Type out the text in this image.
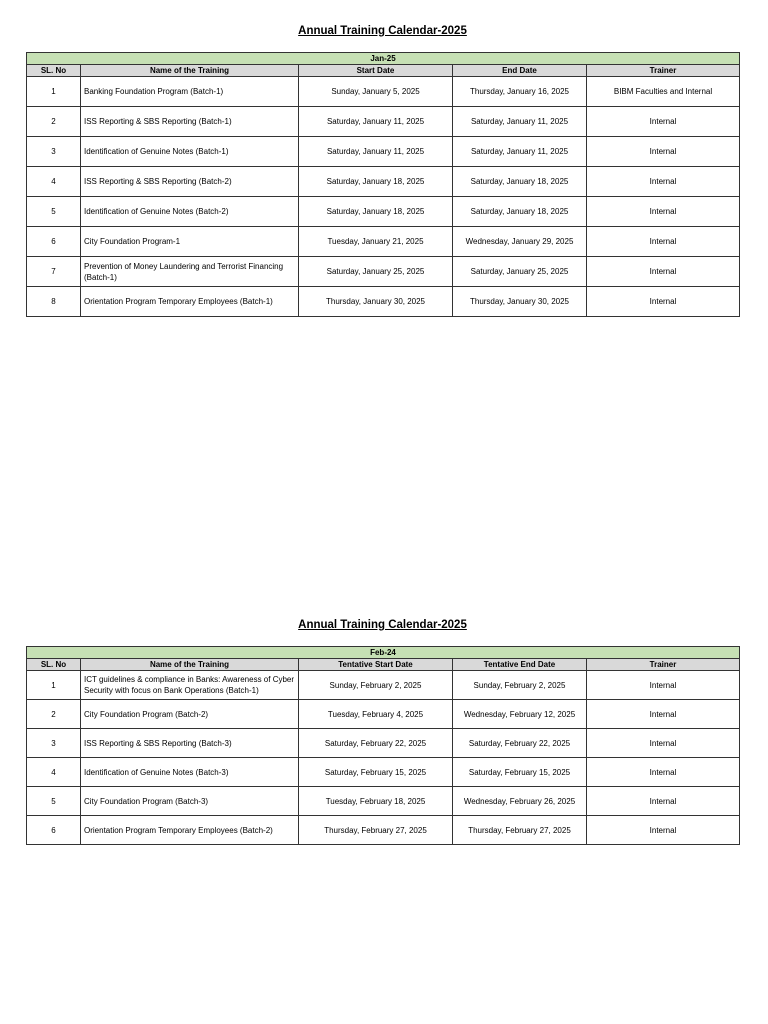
Annual Training Calendar-2025
Jan-25				
SL. No	Name of the Training	Start Date	End Date	Trainer
1	Banking Foundation Program (Batch-1)	Sunday, January 5, 2025	Thursday, January 16, 2025	BIBM Faculties and Internal
2	ISS Reporting & SBS Reporting (Batch-1)	Saturday, January 11, 2025	Saturday, January 11, 2025	Internal
3	Identification of Genuine Notes (Batch-1)	Saturday, January 11, 2025	Saturday, January 11, 2025	Internal
4	ISS Reporting & SBS Reporting (Batch-2)	Saturday, January 18, 2025	Saturday, January 18, 2025	Internal
5	Identification of Genuine Notes (Batch-2)	Saturday, January 18, 2025	Saturday, January 18, 2025	Internal
6	City Foundation Program-1	Tuesday, January 21, 2025	Wednesday, January 29, 2025	Internal
7	Prevention of Money Laundering and Terrorist Financing (Batch-1)	Saturday, January 25, 2025	Saturday, January 25, 2025	Internal
8	Orientation Program Temporary Employees (Batch-1)	Thursday, January 30, 2025	Thursday, January 30, 2025	Internal
Annual Training Calendar-2025
Feb-24				
SL. No	Name of the Training	Tentative Start Date	Tentative End Date	Trainer
1	ICT guidelines & compliance in Banks: Awareness of Cyber Security with focus on Bank Operations (Batch-1)	Sunday, February 2, 2025	Sunday, February 2, 2025	Internal
2	City Foundation Program (Batch-2)	Tuesday, February 4, 2025	Wednesday, February 12, 2025	Internal
3	ISS Reporting & SBS Reporting (Batch-3)	Saturday, February 22, 2025	Saturday, February 22, 2025	Internal
4	Identification of Genuine Notes (Batch-3)	Saturday, February 15, 2025	Saturday, February 15, 2025	Internal
5	City Foundation Program (Batch-3)	Tuesday, February 18, 2025	Wednesday, February 26, 2025	Internal
6	Orientation Program Temporary Employees (Batch-2)	Thursday, February 27, 2025	Thursday, February 27, 2025	Internal
